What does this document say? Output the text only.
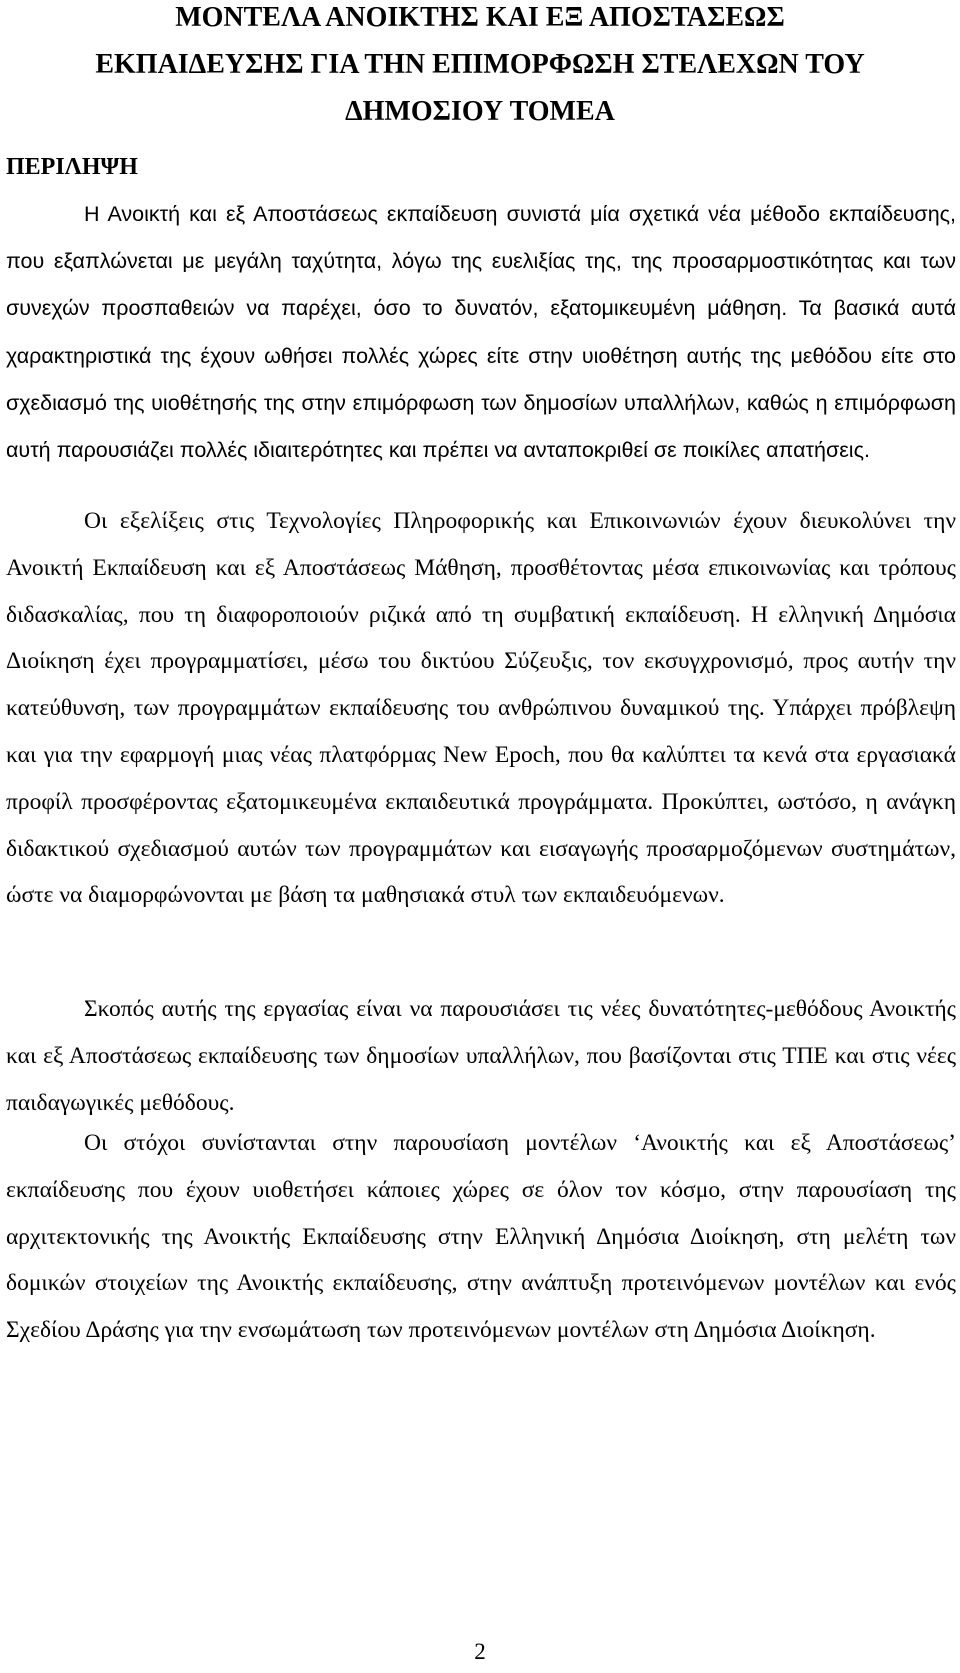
ΜΟΝΤΕΛΑ ΑΝΟΙΚΤΗΣ ΚΑΙ ΕΞ ΑΠΟΣΤΑΣΕΩΣ
ΕΚΠΑΙΔΕΥΣΗΣ ΓΙΑ ΤΗΝ ΕΠΙΜΟΡΦΩΣΗ ΣΤΕΛΕΧΩΝ ΤΟΥ
ΔΗΜΟΣΙΟΥ ΤΟΜΕΑ
ΠΕΡΙΛΗΨΗ

Η Ανοικτή και εξ Αποστάσεως εκπαίδευση συνιστά μία σχετικά νέα μέθοδο εκπαίδευσης, που εξαπλώνεται με μεγάλη ταχύτητα, λόγω της ευελιξίας της, της προσαρμοστικότητας και των συνεχών προσπαθειών να παρέχει, όσο το δυνατόν, εξατομικευμένη μάθηση. Τα βασικά αυτά χαρακτηριστικά της έχουν ωθήσει πολλές χώρες είτε στην υιοθέτηση αυτής της μεθόδου είτε στο σχεδιασμό της υιοθέτησής της στην επιμόρφωση των δημοσίων υπαλλήλων, καθώς η επιμόρφωση αυτή παρουσιάζει πολλές ιδιαιτερότητες και πρέπει να ανταποκριθεί σε ποικίλες απατήσεις.

Οι εξελίξεις στις Τεχνολογίες Πληροφορικής και Επικοινωνιών έχουν διευκολύνει την Ανοικτή Εκπαίδευση και εξ Αποστάσεως Μάθηση, προσθέτοντας μέσα επικοινωνίας και τρόπους διδασκαλίας, που τη διαφοροποιούν ριζικά από τη συμβατική εκπαίδευση. Η ελληνική Δημόσια Διοίκηση έχει προγραμματίσει, μέσω του δικτύου Σύζευξις, τον εκσυγχρονισμό, προς αυτήν την κατεύθυνση, των προγραμμάτων εκπαίδευσης του ανθρώπινου δυναμικού της. Υπάρχει πρόβλεψη και για την εφαρμογή μιας νέας πλατφόρμας New Epoch, που θα καλύπτει τα κενά στα εργασιακά προφίλ προσφέροντας εξατομικευμένα εκπαιδευτικά προγράμματα. Προκύπτει, ωστόσο, η ανάγκη διδακτικού σχεδιασμού αυτών των προγραμμάτων και εισαγωγής προσαρμοζόμενων συστημάτων, ώστε να διαμορφώνονται με βάση τα μαθησιακά στυλ των εκπαιδευόμενων.

Σκοπός αυτής της εργασίας είναι να παρουσιάσει τις νέες δυνατότητες-μεθόδους Ανοικτής και εξ Αποστάσεως εκπαίδευσης των δημοσίων υπαλλήλων, που βασίζονται στις ΤΠΕ και στις νέες παιδαγωγικές μεθόδους.

Οι στόχοι συνίστανται στην παρουσίαση μοντέλων ‘Ανοικτής και εξ Αποστάσεως’ εκπαίδευσης που έχουν υιοθετήσει κάποιες χώρες σε όλον τον κόσμο, στην παρουσίαση της αρχιτεκτονικής της Ανοικτής Εκπαίδευσης στην Ελληνική Δημόσια Διοίκηση, στη μελέτη των δομικών στοιχείων της Ανοικτής εκπαίδευσης, στην ανάπτυξη προτεινόμενων μοντέλων και ενός Σχεδίου Δράσης για την ενσωμάτωση των προτεινόμενων μοντέλων στη Δημόσια Διοίκηση.

2
